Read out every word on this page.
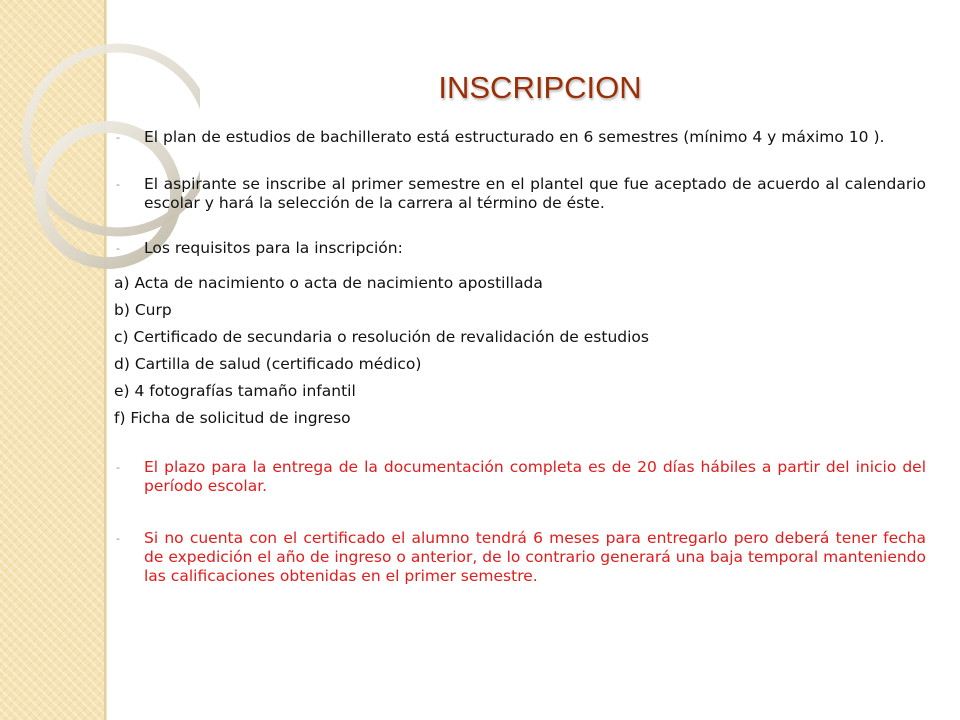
INSCRIPCION
- El plan de estudios de bachillerato está estructurado en 6 semestres (mínimo 4 y máximo 10 ).
- El aspirante se inscribe al primer semestre en el plantel que fue aceptado de acuerdo al calendario escolar y hará la selección de la carrera al término de éste.
- Los requisitos para la inscripción:

a) Acta de nacimiento o acta de nacimiento apostillada

b) Curp

c) Certificado de secundaria o resolución de revalidación de estudios

d) Cartilla de salud (certificado médico)

e) 4 fotografías tamaño infantil

f) Ficha de solicitud de ingreso

- El plazo para la entrega de la documentación completa es de 20 días hábiles a partir del inicio del período escolar.
- Si no cuenta con el certificado el alumno tendrá 6 meses para entregarlo pero deberá tener fecha de expedición el año de ingreso o anterior, de lo contrario generará una baja temporal manteniendo las calificaciones obtenidas en el primer semestre.
